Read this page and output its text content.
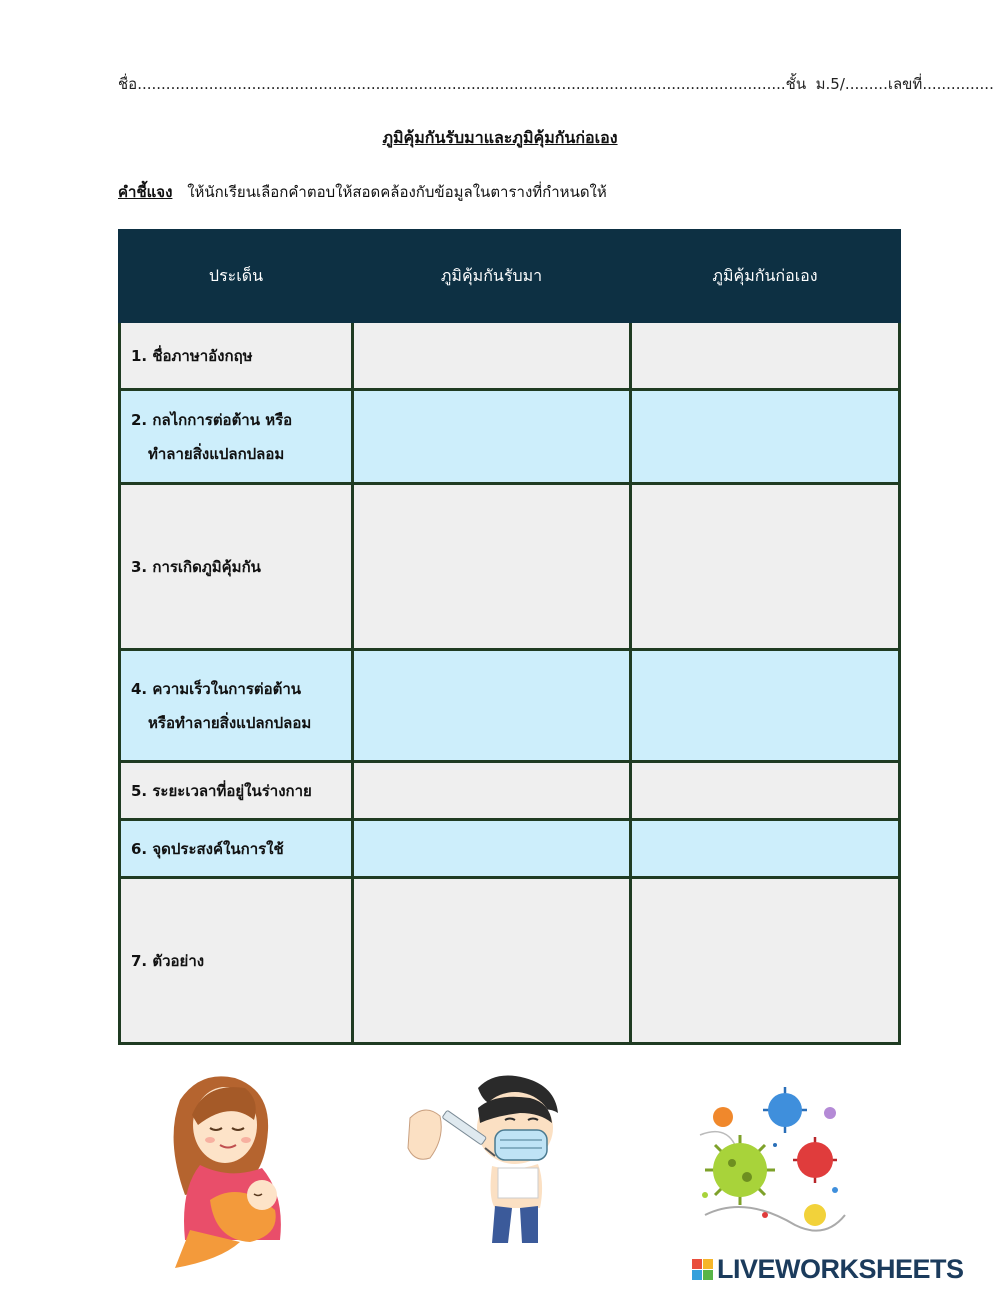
ชื่อ........................................................................................................................................ชั้น ม.5/.........เลขที่...............
ภูมิคุ้มกันรับมาและภูมิคุ้มกันก่อเอง
คำชี้แจง ให้นักเรียนเลือกคำตอบให้สอดคล้องกับข้อมูลในตารางที่กำหนดให้
ประเด็น	ภูมิคุ้มกันรับมา	ภูมิคุ้มกันก่อเอง
1. ชื่อภาษาอังกฤษ		
2. กลไกการต่อต้าน หรือ
ทำลายสิ่งแปลกปลอม		

3. การเกิดภูมิคุ้มกัน		
4. ความเร็วในการต่อต้าน
หรือทำลายสิ่งแปลกปลอม		

5. ระยะเวลาที่อยู่ในร่างกาย		
6. จุดประสงค์ในการใช้		
7. ตัวอย่าง		
LIVEWORKSHEETS
